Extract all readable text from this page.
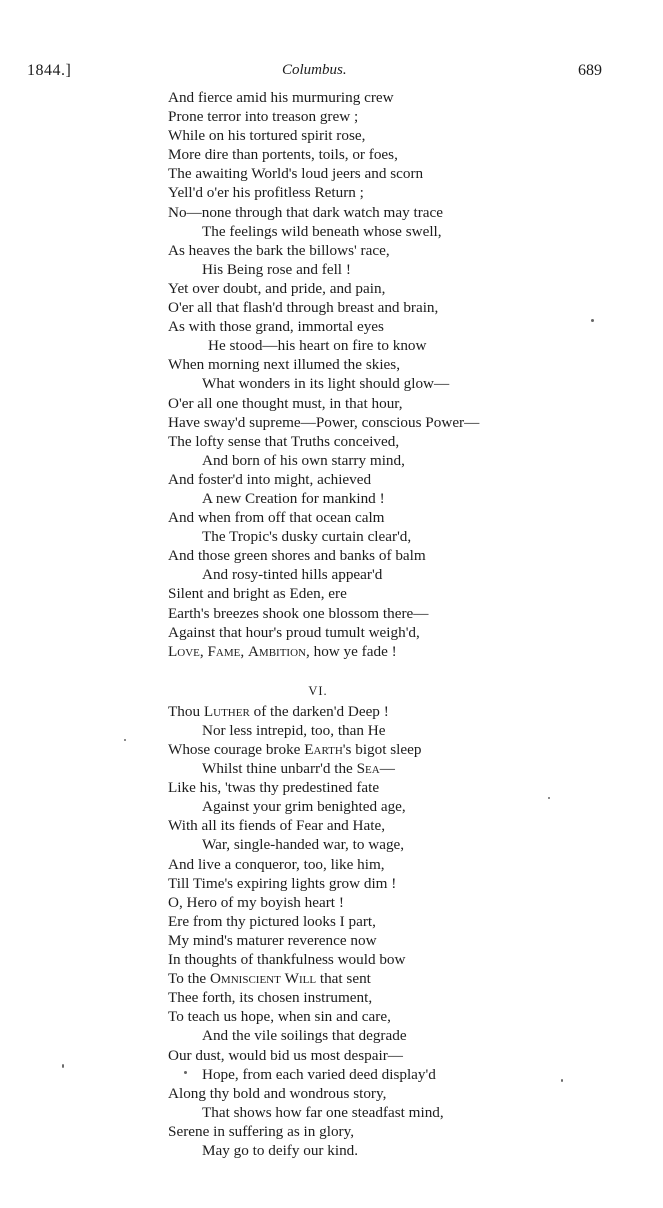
1844.]	Columbus.	689
And fierce amid his murmuring crew
Prone terror into treason grew ;
While on his tortured spirit rose,
More dire than portents, toils, or foes,
The awaiting World's loud jeers and scorn
Yell'd o'er his profitless Return ;
No—none through that dark watch may trace
The feelings wild beneath whose swell,
As heaves the bark the billows' race,
His Being rose and fell !
Yet over doubt, and pride, and pain,
O'er all that flash'd through breast and brain,
As with those grand, immortal eyes
He stood—his heart on fire to know
When morning next illumed the skies,
What wonders in its light should glow—
O'er all one thought must, in that hour,
Have sway'd supreme—Power, conscious Power—
The lofty sense that Truths conceived,
And born of his own starry mind,
And foster'd into might, achieved
A new Creation for mankind !
And when from off that ocean calm
The Tropic's dusky curtain clear'd,
And those green shores and banks of balm
And rosy-tinted hills appear'd
Silent and bright as Eden, ere
Earth's breezes shook one blossom there—
Against that hour's proud tumult weigh'd,
Love, Fame, Ambition, how ye fade !
VI.
Thou Luther of the darken'd Deep !
Nor less intrepid, too, than He
Whose courage broke Earth's bigot sleep
Whilst thine unbarr'd the Sea—
Like his, 'twas thy predestined fate
Against your grim benighted age,
With all its fiends of Fear and Hate,
War, single-handed war, to wage,
And live a conqueror, too, like him,
Till Time's expiring lights grow dim !
O, Hero of my boyish heart !
Ere from thy pictured looks I part,
My mind's maturer reverence now
In thoughts of thankfulness would bow
To the Omniscient Will that sent
Thee forth, its chosen instrument,
To teach us hope, when sin and care,
And the vile soilings that degrade
Our dust, would bid us most despair—
Hope, from each varied deed display'd
Along thy bold and wondrous story,
That shows how far one steadfast mind,
Serene in suffering as in glory,
May go to deify our kind.
